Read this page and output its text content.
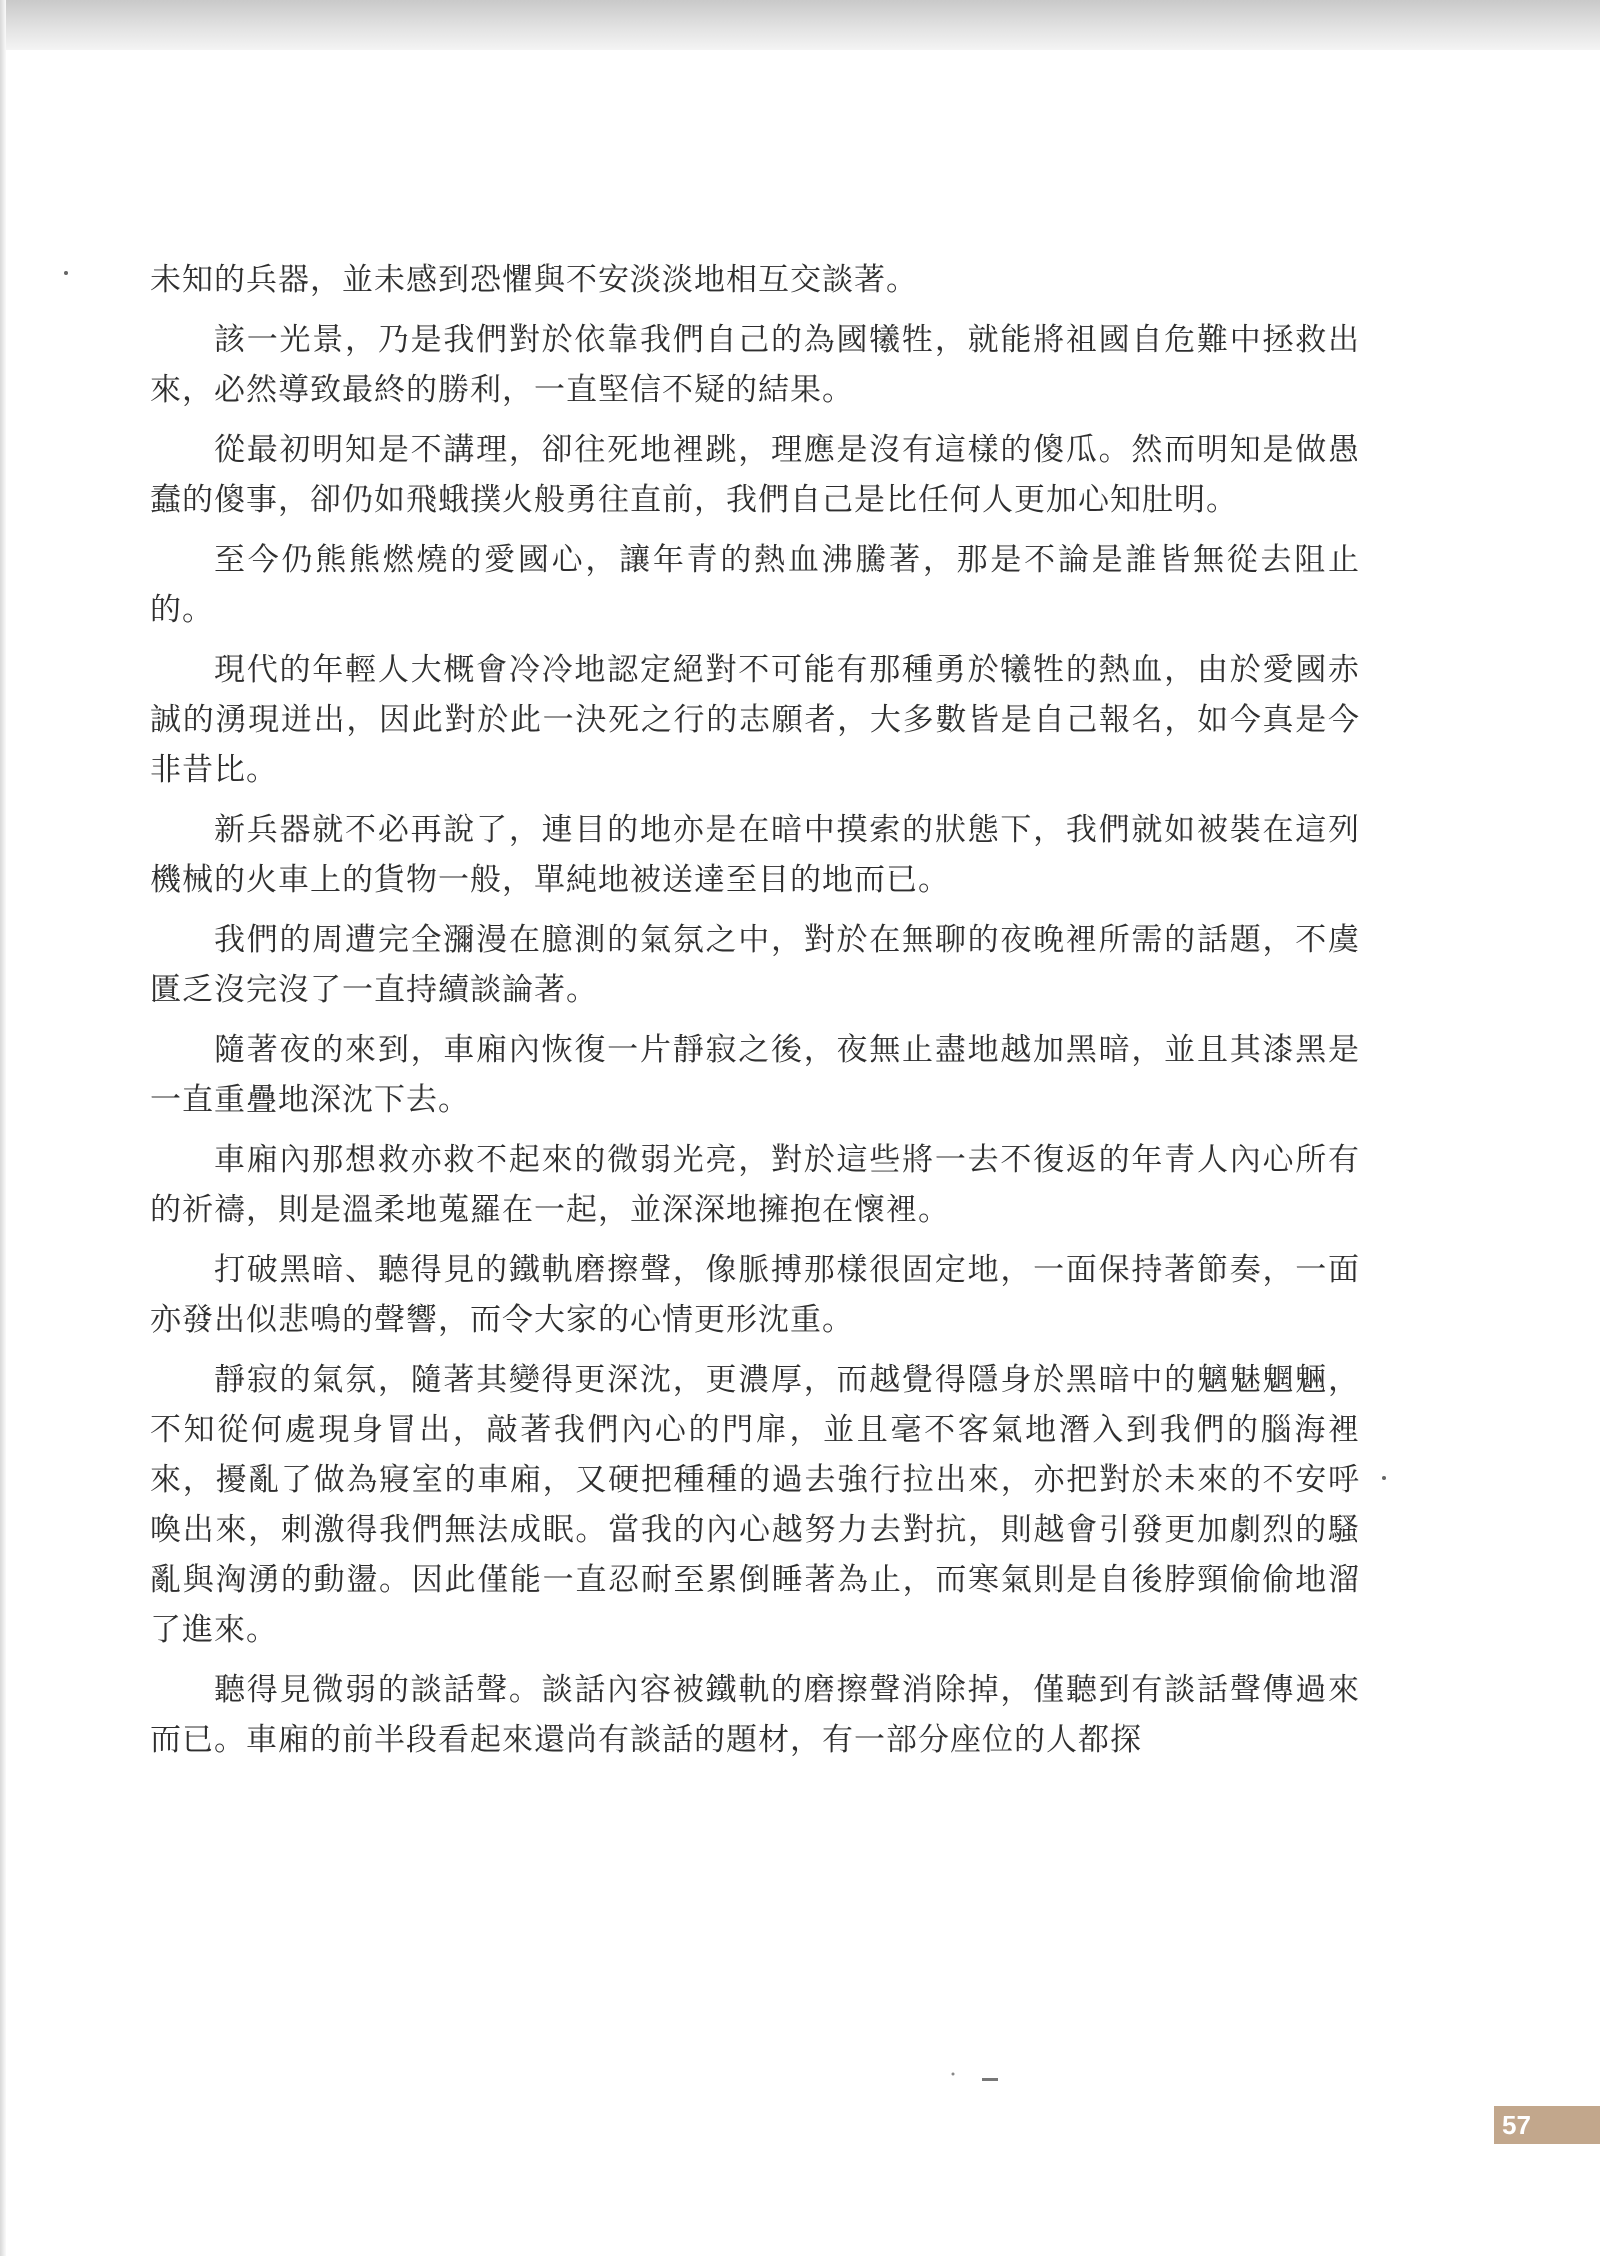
未知的兵器，並未感到恐懼與不安淡淡地相互交談著。

該一光景，乃是我們對於依靠我們自己的為國犧牲，就能將祖國自危難中拯救出來，必然導致最終的勝利，一直堅信不疑的結果。

從最初明知是不講理，卻往死地裡跳，理應是沒有這樣的傻瓜。然而明知是做愚蠢的傻事，卻仍如飛蛾撲火般勇往直前，我們自己是比任何人更加心知肚明。

至今仍熊熊燃燒的愛國心，讓年青的熱血沸騰著，那是不論是誰皆無從去阻止的。

現代的年輕人大概會冷冷地認定絕對不可能有那種勇於犧牲的熱血，由於愛國赤誠的湧現迸出，因此對於此一決死之行的志願者，大多數皆是自己報名，如今真是今非昔比。

新兵器就不必再說了，連目的地亦是在暗中摸索的狀態下，我們就如被裝在這列機械的火車上的貨物一般，單純地被送達至目的地而已。

我們的周遭完全瀰漫在臆測的氣氛之中，對於在無聊的夜晚裡所需的話題，不虞匱乏沒完沒了一直持續談論著。

隨著夜的來到，車廂內恢復一片靜寂之後，夜無止盡地越加黑暗，並且其漆黑是一直重疊地深沈下去。

車廂內那想救亦救不起來的微弱光亮，對於這些將一去不復返的年青人內心所有的祈禱，則是溫柔地蒐羅在一起，並深深地擁抱在懷裡。

打破黑暗、聽得見的鐵軌磨擦聲，像脈搏那樣很固定地，一面保持著節奏，一面亦發出似悲鳴的聲響，而令大家的心情更形沈重。

靜寂的氣氛，隨著其變得更深沈，更濃厚，而越覺得隱身於黑暗中的魑魅魍魎，不知從何處現身冒出，敲著我們內心的門扉，並且毫不客氣地潛入到我們的腦海裡來，擾亂了做為寢室的車廂，又硬把種種的過去強行拉出來，亦把對於未來的不安呼喚出來，刺激得我們無法成眠。當我的內心越努力去對抗，則越會引發更加劇烈的騷亂與洶湧的動盪。因此僅能一直忍耐至累倒睡著為止，而寒氣則是自後脖頸偷偷地溜了進來。

聽得見微弱的談話聲。談話內容被鐵軌的磨擦聲消除掉，僅聽到有談話聲傳過來而已。車廂的前半段看起來還尚有談話的題材，有一部分座位的人都探

57
